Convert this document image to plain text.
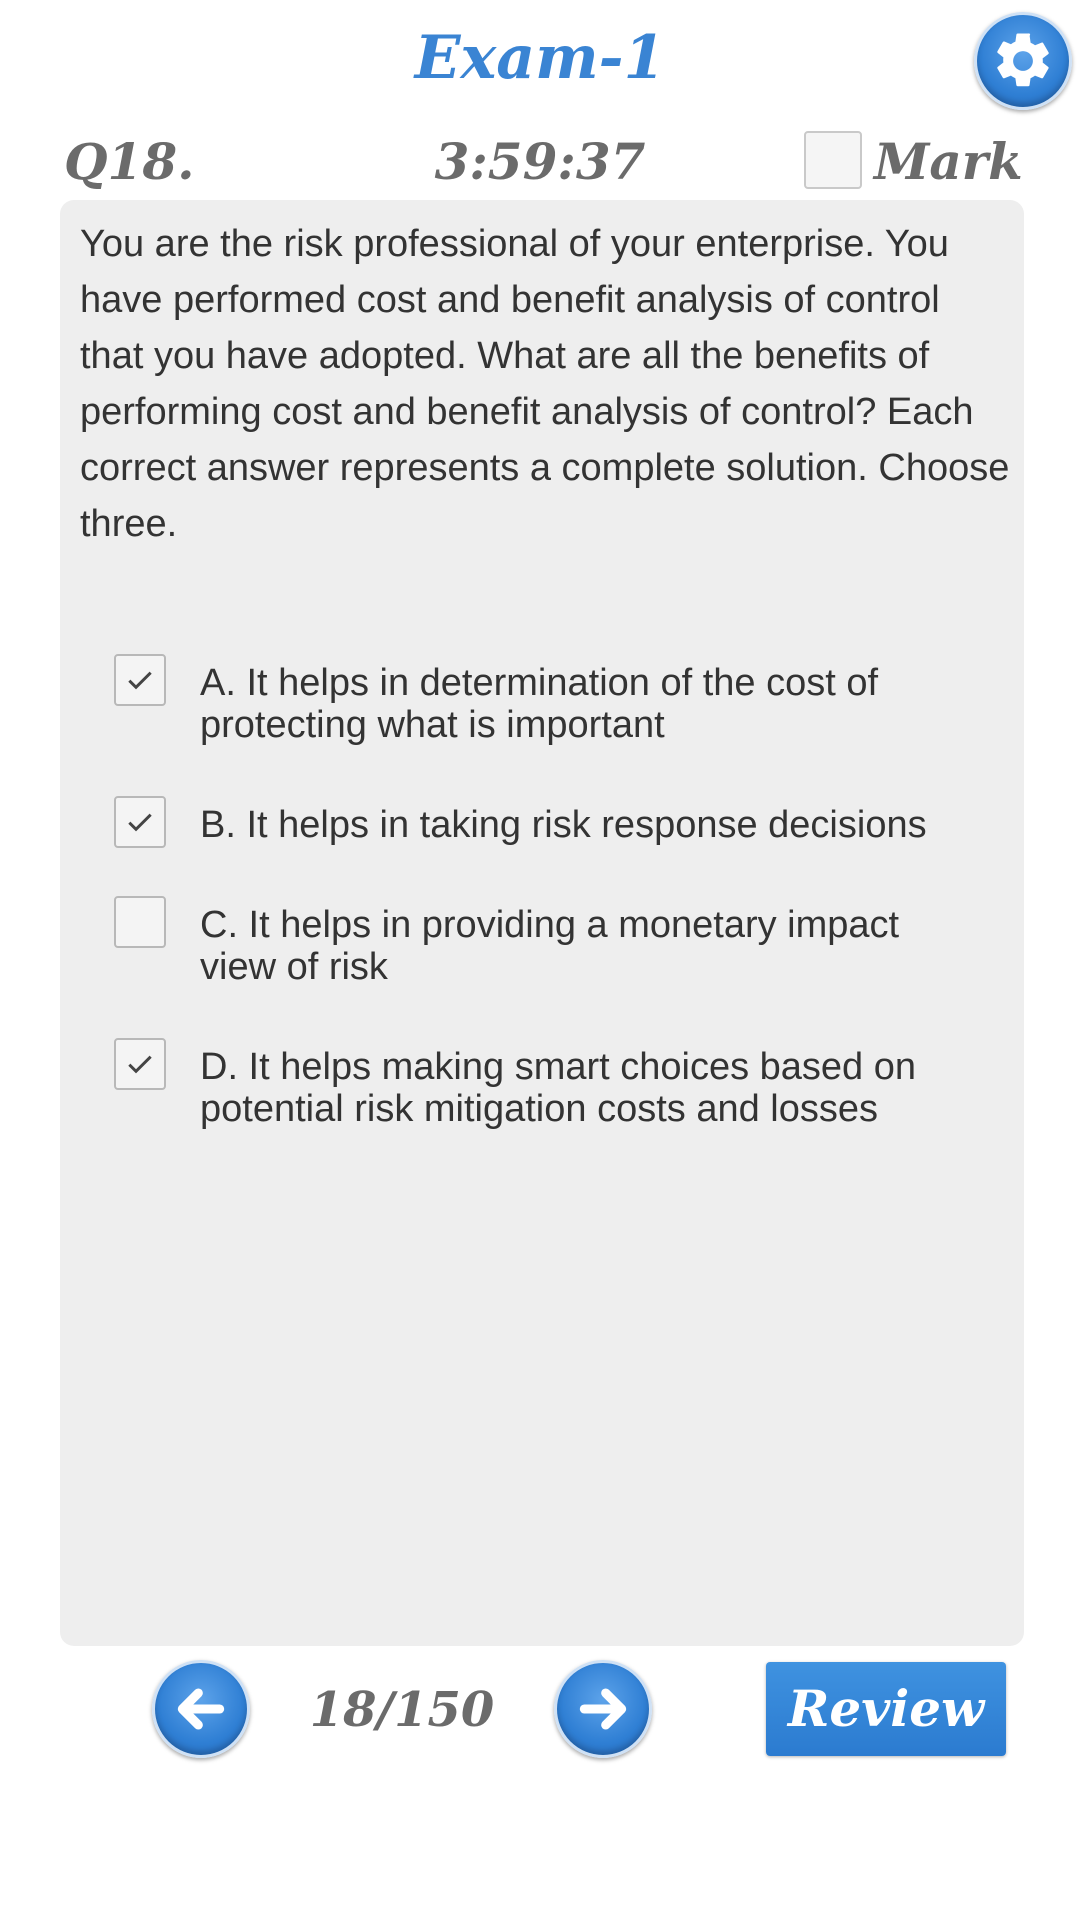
Exam-1
Q18.	3:59:37	Mark
You are the risk professional of your enterprise. You have performed cost and benefit analysis of control that you have adopted. What are all the benefits of performing cost and benefit analysis of control? Each correct answer represents a complete solution. Choose three.
A. It helps in determination of the cost of protecting what is important
B. It helps in taking risk response decisions
C. It helps in providing a monetary impact view of risk
D. It helps making smart choices based on potential risk mitigation costs and losses
18/150	Review
